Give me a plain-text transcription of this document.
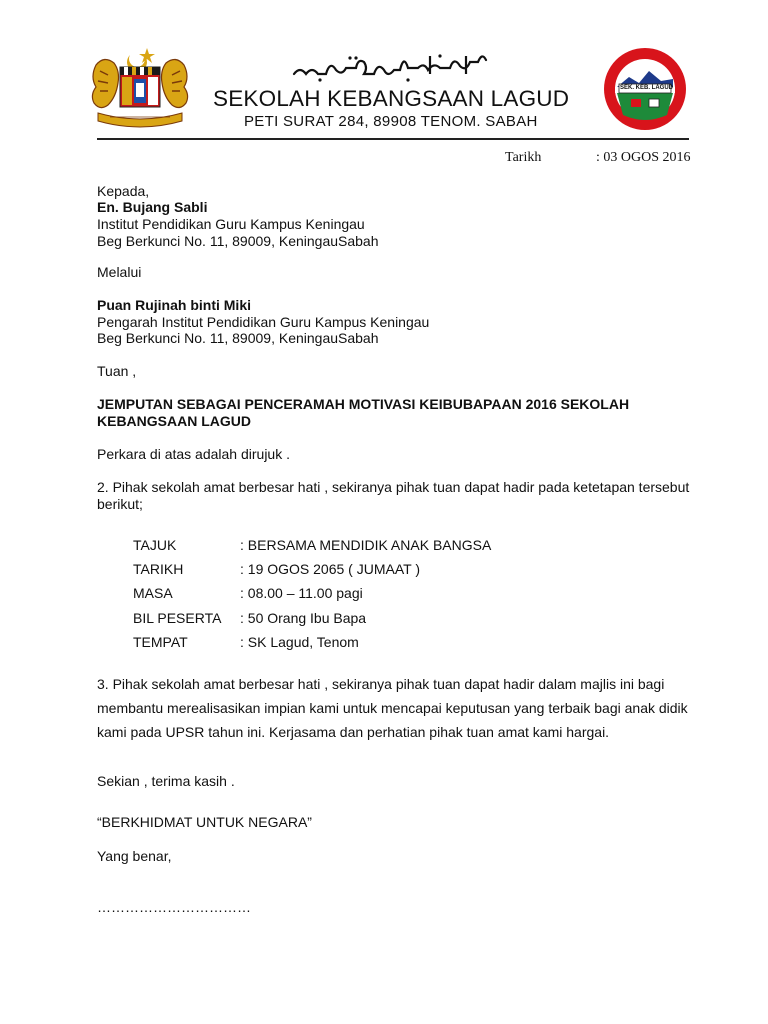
SEKOLAH KEBANGSAAN LAGUD
PETI SURAT 284, 89908 TENOM. SABAH
SEK. KEB. LAGUD
Tarikh	: 03 OGOS 2016
Kepada,
En. Bujang Sabli
Institut Pendidikan Guru Kampus Keningau
Beg Berkunci No. 11, 89009, KeningauSabah
Melalui
Puan Rujinah binti Miki
Pengarah Institut Pendidikan Guru Kampus Keningau
Beg Berkunci No. 11, 89009, KeningauSabah
Tuan ,
JEMPUTAN SEBAGAI PENCERAMAH MOTIVASI KEIBUBAPAAN 2016 SEKOLAH
KEBANGSAAN LAGUD
Perkara di atas adalah dirujuk .
2. Pihak sekolah amat berbesar hati , sekiranya pihak tuan dapat hadir pada ketetapan tersebut
berikut;
TAJUK	: BERSAMA MENDIDIK ANAK BANGSA
TARIKH	: 19 OGOS 2065 ( JUMAAT )
MASA	: 08.00 – 11.00 pagi
BIL PESERTA : 50 Orang Ibu Bapa
TEMPAT	: SK Lagud, Tenom
3. Pihak sekolah amat berbesar hati , sekiranya pihak tuan dapat hadir dalam majlis ini bagi
membantu merealisasikan impian kami untuk mencapai keputusan yang terbaik bagi anak didik
kami pada UPSR tahun ini. Kerjasama dan perhatian pihak tuan amat kami hargai.
Sekian , terima kasih .
“BERKHIDMAT UNTUK NEGARA”
Yang benar,
……………………………
